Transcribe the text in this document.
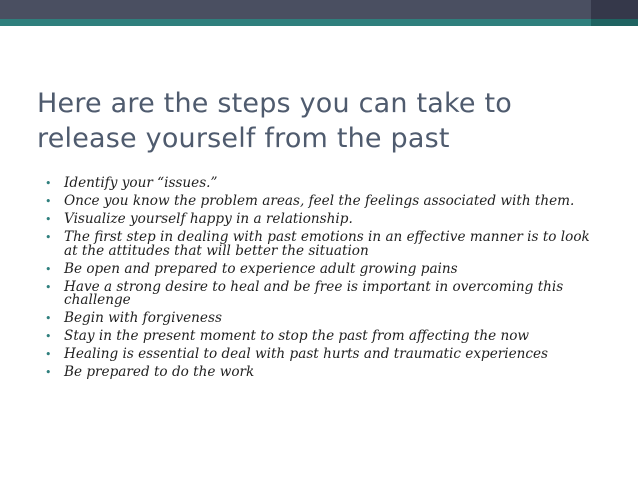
Here are the steps you can take to release yourself from the past
• Identify your “issues.”
• Once you know the problem areas, feel the feelings associated with them.
• Visualize yourself happy in a relationship.
• The first step in dealing with past emotions in an effective manner is to look at the attitudes that will better the situation
• Be open and prepared to experience adult growing pains
• Have a strong desire to heal and be free is important in overcoming this challenge
• Begin with forgiveness
• Stay in the present moment to stop the past from affecting the now
• Healing is essential to deal with past hurts and traumatic experiences
• Be prepared to do the work
